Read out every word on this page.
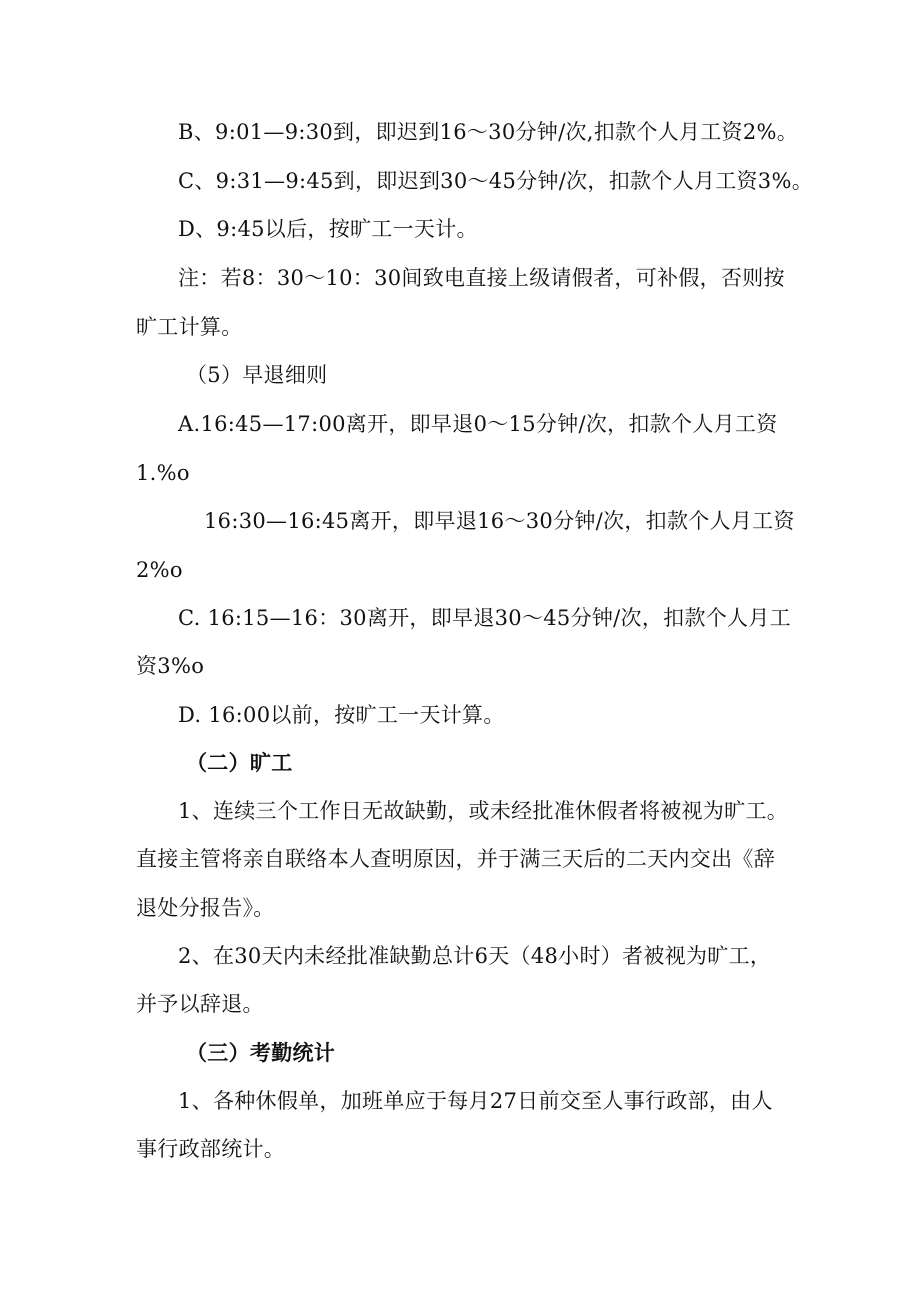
B、9:01—9:30到，即迟到16～30分钟/次,扣款个人月工资2%。
C、9:31—9:45到，即迟到30～45分钟/次，扣款个人月工资3%。
D、9:45以后，按旷工一天计。
注：若8：30～10：30间致电直接上级请假者，可补假，否则按
旷工计算。
（5）早退细则
A.16:45—17:00离开，即早退0～15分钟/次，扣款个人月工资
1.%o
16:30—16:45离开，即早退16～30分钟/次，扣款个人月工资
2%o
C. 16:15—16：30离开，即早退30～45分钟/次，扣款个人月工
资3%o
D. 16:00以前，按旷工一天计算。
（二）旷工
1、连续三个工作日无故缺勤，或未经批准休假者将被视为旷工。
直接主管将亲自联络本人查明原因，并于满三天后的二天内交出《辞
退处分报告》。
2、在30天内未经批准缺勤总计6天（48小时）者被视为旷工，
并予以辞退。
（三）考勤统计
1、各种休假单，加班单应于每月27日前交至人事行政部，由人
事行政部统计。
